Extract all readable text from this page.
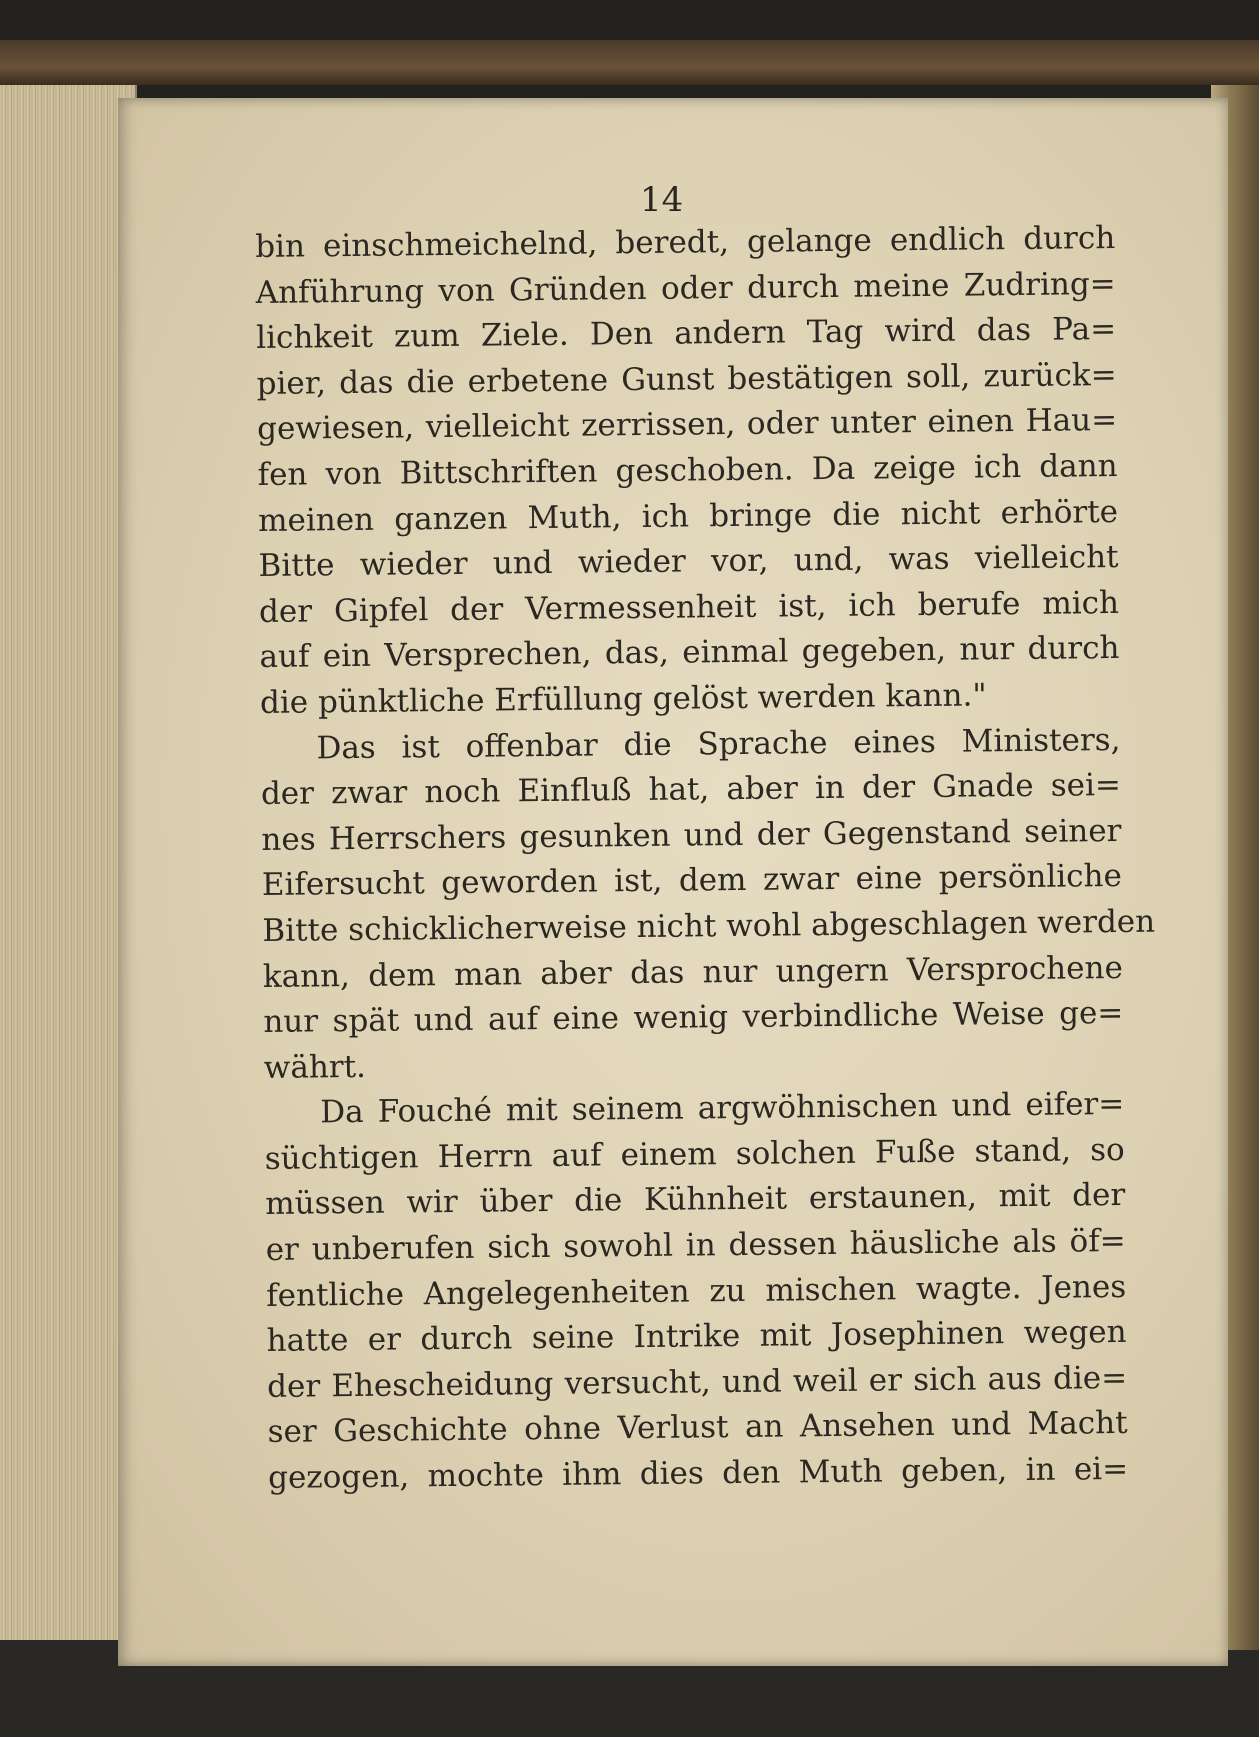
14
bin einschmeichelnd, beredt, gelange endlich durch
Anführung von Gründen oder durch meine Zudring=
lichkeit zum Ziele. Den andern Tag wird das Pa=
pier, das die erbetene Gunst bestätigen soll, zurück=
gewiesen, vielleicht zerrissen, oder unter einen Hau=
fen von Bittschriften geschoben. Da zeige ich dann
meinen ganzen Muth, ich bringe die nicht erhörte
Bitte wieder und wieder vor, und, was vielleicht
der Gipfel der Vermessenheit ist, ich berufe mich
auf ein Versprechen, das, einmal gegeben, nur durch
die pünktliche Erfüllung gelöst werden kann."
Das ist offenbar die Sprache eines Ministers,
der zwar noch Einfluß hat, aber in der Gnade sei=
nes Herrschers gesunken und der Gegenstand seiner
Eifersucht geworden ist, dem zwar eine persönliche
Bitte schicklicherweise nicht wohl abgeschlagen werden
kann, dem man aber das nur ungern Versprochene
nur spät und auf eine wenig verbindliche Weise ge=
währt.
Da Fouché mit seinem argwöhnischen und eifer=
süchtigen Herrn auf einem solchen Fuße stand, so
müssen wir über die Kühnheit erstaunen, mit der
er unberufen sich sowohl in dessen häusliche als öf=
fentliche Angelegenheiten zu mischen wagte. Jenes
hatte er durch seine Intrike mit Josephinen wegen
der Ehescheidung versucht, und weil er sich aus die=
ser Geschichte ohne Verlust an Ansehen und Macht
gezogen, mochte ihm dies den Muth geben, in ei=
